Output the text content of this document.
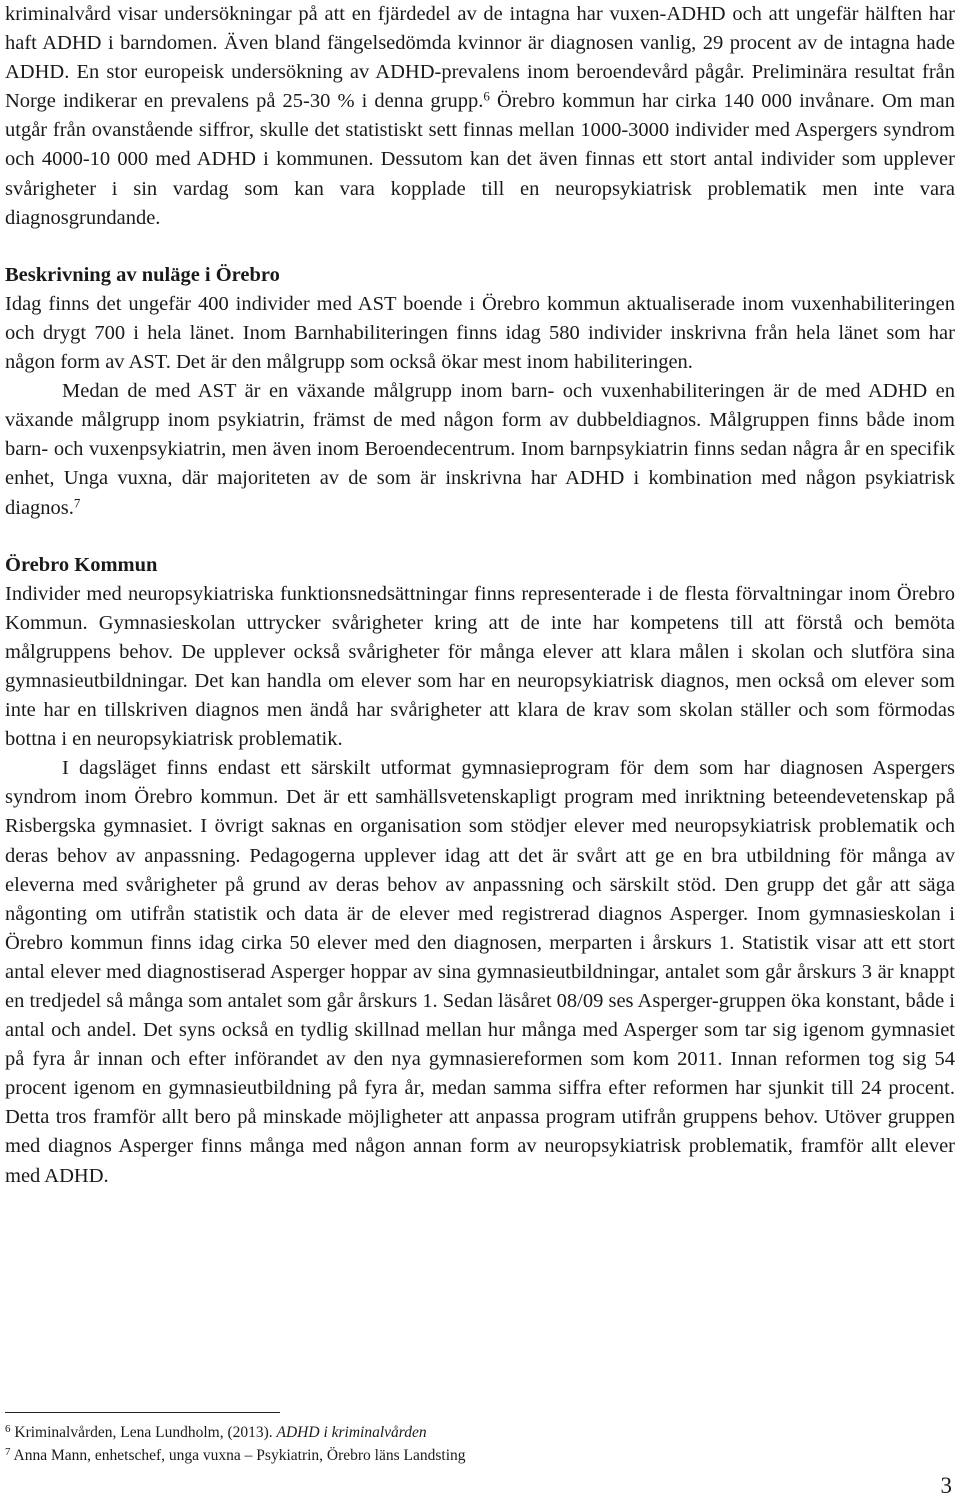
kriminalvård visar undersökningar på att en fjärdedel av de intagna har vuxen-ADHD och att ungefär hälften har haft ADHD i barndomen. Även bland fängelsedömda kvinnor är diagnosen vanlig, 29 procent av de intagna hade ADHD. En stor europeisk undersökning av ADHD-prevalens inom beroendevård pågår. Preliminära resultat från Norge indikerar en prevalens på 25-30 % i denna grupp.$^6$ Örebro kommun har cirka 140 000 invånare. Om man utgår från ovanstående siffror, skulle det statistiskt sett finnas mellan 1000-3000 individer med Aspergers syndrom och 4000-10 000 med ADHD i kommunen. Dessutom kan det även finnas ett stort antal individer som upplever svårigheter i sin vardag som kan vara kopplade till en neuropsykiatrisk problematik men inte vara diagnosgrundande.

Beskrivning av nuläge i Örebro

Idag finns det ungefär 400 individer med AST boende i Örebro kommun aktualiserade inom vuxenhabiliteringen och drygt 700 i hela länet. Inom Barnhabiliteringen finns idag 580 individer inskrivna från hela länet som har någon form av AST. Det är den målgrupp som också ökar mest inom habiliteringen.

Medan de med AST är en växande målgrupp inom barn- och vuxenhabiliteringen är de med ADHD en växande målgrupp inom psykiatrin, främst de med någon form av dubbeldiagnos. Målgruppen finns både inom barn- och vuxenpsykiatrin, men även inom Beroendecentrum. Inom barnpsykiatrin finns sedan några år en specifik enhet, Unga vuxna, där majoriteten av de som är inskrivna har ADHD i kombination med någon psykiatrisk diagnos.$^7$

Örebro Kommun

Individer med neuropsykiatriska funktionsnedsättningar finns representerade i de flesta förvaltningar inom Örebro Kommun. Gymnasieskolan uttrycker svårigheter kring att de inte har kompetens till att förstå och bemöta målgruppens behov. De upplever också svårigheter för många elever att klara målen i skolan och slutföra sina gymnasieutbildningar. Det kan handla om elever som har en neuropsykiatrisk diagnos, men också om elever som inte har en tillskriven diagnos men ändå har svårigheter att klara de krav som skolan ställer och som förmodas bottna i en neuropsykiatrisk problematik.

I dagsläget finns endast ett särskilt utformat gymnasieprogram för dem som har diagnosen Aspergers syndrom inom Örebro kommun. Det är ett samhällsvetenskapligt program med inriktning beteendevetenskap på Risbergska gymnasiet. I övrigt saknas en organisation som stödjer elever med neuropsykiatrisk problematik och deras behov av anpassning. Pedagogerna upplever idag att det är svårt att ge en bra utbildning för många av eleverna med svårigheter på grund av deras behov av anpassning och särskilt stöd. Den grupp det går att säga någonting om utifrån statistik och data är de elever med registrerad diagnos Asperger. Inom gymnasieskolan i Örebro kommun finns idag cirka 50 elever med den diagnosen, merparten i årskurs 1. Statistik visar att ett stort antal elever med diagnostiserad Asperger hoppar av sina gymnasieutbildningar, antalet som går årskurs 3 är knappt en tredjedel så många som antalet som går årskurs 1. Sedan läsåret 08/09 ses Asperger-gruppen öka konstant, både i antal och andel. Det syns också en tydlig skillnad mellan hur många med Asperger som tar sig igenom gymnasiet på fyra år innan och efter införandet av den nya gymnasiereformen som kom 2011. Innan reformen tog sig 54 procent igenom en gymnasieutbildning på fyra år, medan samma siffra efter reformen har sjunkit till 24 procent. Detta tros framför allt bero på minskade möjligheter att anpassa program utifrån gruppens behov. Utöver gruppen med diagnos Asperger finns många med någon annan form av neuropsykiatrisk problematik, framför allt elever med ADHD.

$^6$ Kriminalvården, Lena Lundholm, (2013). ADHD i kriminalvården

$^7$ Anna Mann, enhetschef, unga vuxna – Psykiatrin, Örebro läns Landsting

3
